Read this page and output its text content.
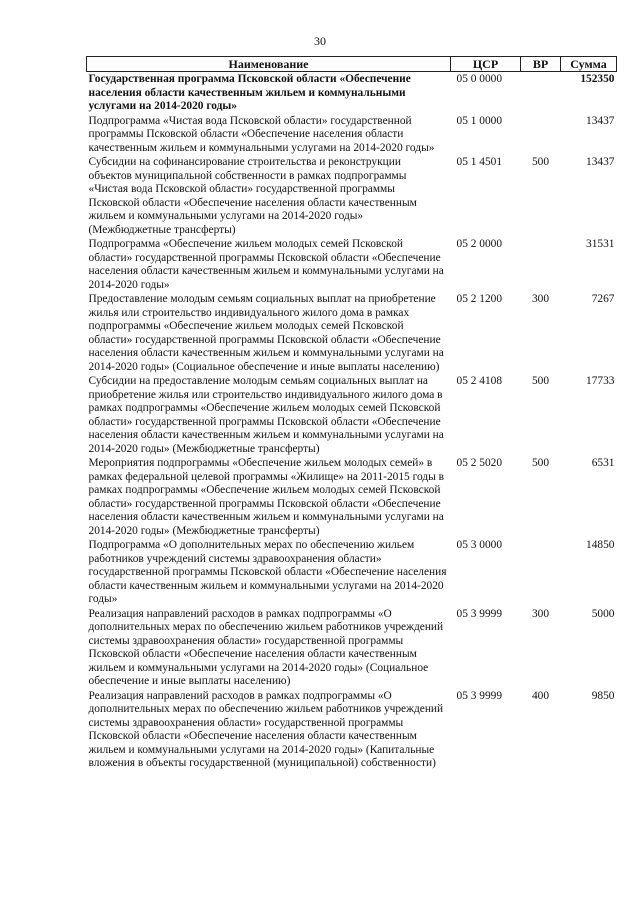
30
Наименование	ЦСР	ВР	Сумма
Государственная программа Псковской области «Обеспечение населения области качественным жильем и коммунальными услугами на 2014-2020 годы»	05 0 0000		152350
Подпрограмма «Чистая вода Псковской области» государственной программы Псковской области «Обеспечение населения области качественным жильем и коммунальными услугами на 2014-2020 годы»	05 1 0000		13437
Субсидии на софинансирование строительства и реконструкции объектов муниципальной собственности в рамках подпрограммы «Чистая вода Псковской области» государственной программы Псковской области «Обеспечение населения области качественным жильем и коммунальными услугами на 2014-2020 годы» (Межбюджетные трансферты)	05 1 4501	500	13437
Подпрограмма «Обеспечение жильем молодых семей Псковской области» государственной программы Псковской области «Обеспечение населения области качественным жильем и коммунальными услугами на 2014-2020 годы»	05 2 0000		31531
Предоставление молодым семьям социальных выплат на приобретение жилья или строительство индивидуального жилого дома в рамках подпрограммы «Обеспечение жильем молодых семей Псковской области» государственной программы Псковской области «Обеспечение населения области качественным жильем и коммунальными услугами на 2014-2020 годы» (Социальное обеспечение и иные выплаты населению)	05 2 1200	300	7267
Субсидии на предоставление молодым семьям социальных выплат на приобретение жилья или строительство индивидуального жилого дома в рамках подпрограммы «Обеспечение жильем молодых семей Псковской области» государственной программы Псковской области «Обеспечение населения области качественным жильем и коммунальными услугами на 2014-2020 годы» (Межбюджетные трансферты)	05 2 4108	500	17733
Мероприятия подпрограммы «Обеспечение жильем молодых семей» в рамках федеральной целевой программы «Жилище» на 2011-2015 годы в рамках подпрограммы «Обеспечение жильем молодых семей Псковской области» государственной программы Псковской области «Обеспечение населения области качественным жильем и коммунальными услугами на 2014-2020 годы» (Межбюджетные трансферты)	05 2 5020	500	6531
Подпрограмма «О дополнительных мерах по обеспечению жильем работников учреждений системы здравоохранения области» государственной программы Псковской области «Обеспечение населения области качественным жильем и коммунальными услугами на 2014-2020 годы»	05 3 0000		14850
Реализация направлений расходов в рамках подпрограммы «О дополнительных мерах по обеспечению жильем работников учреждений системы здравоохранения области» государственной программы Псковской области «Обеспечение населения области качественным жильем и коммунальными услугами на 2014-2020 годы» (Социальное обеспечение и иные выплаты населению)	05 3 9999	300	5000
Реализация направлений расходов в рамках подпрограммы «О дополнительных мерах по обеспечению жильем работников учреждений системы здравоохранения области» государственной программы Псковской области «Обеспечение населения области качественным жильем и коммунальными услугами на 2014-2020 годы» (Капитальные вложения в объекты государственной (муниципальной) собственности)	05 3 9999	400	9850
